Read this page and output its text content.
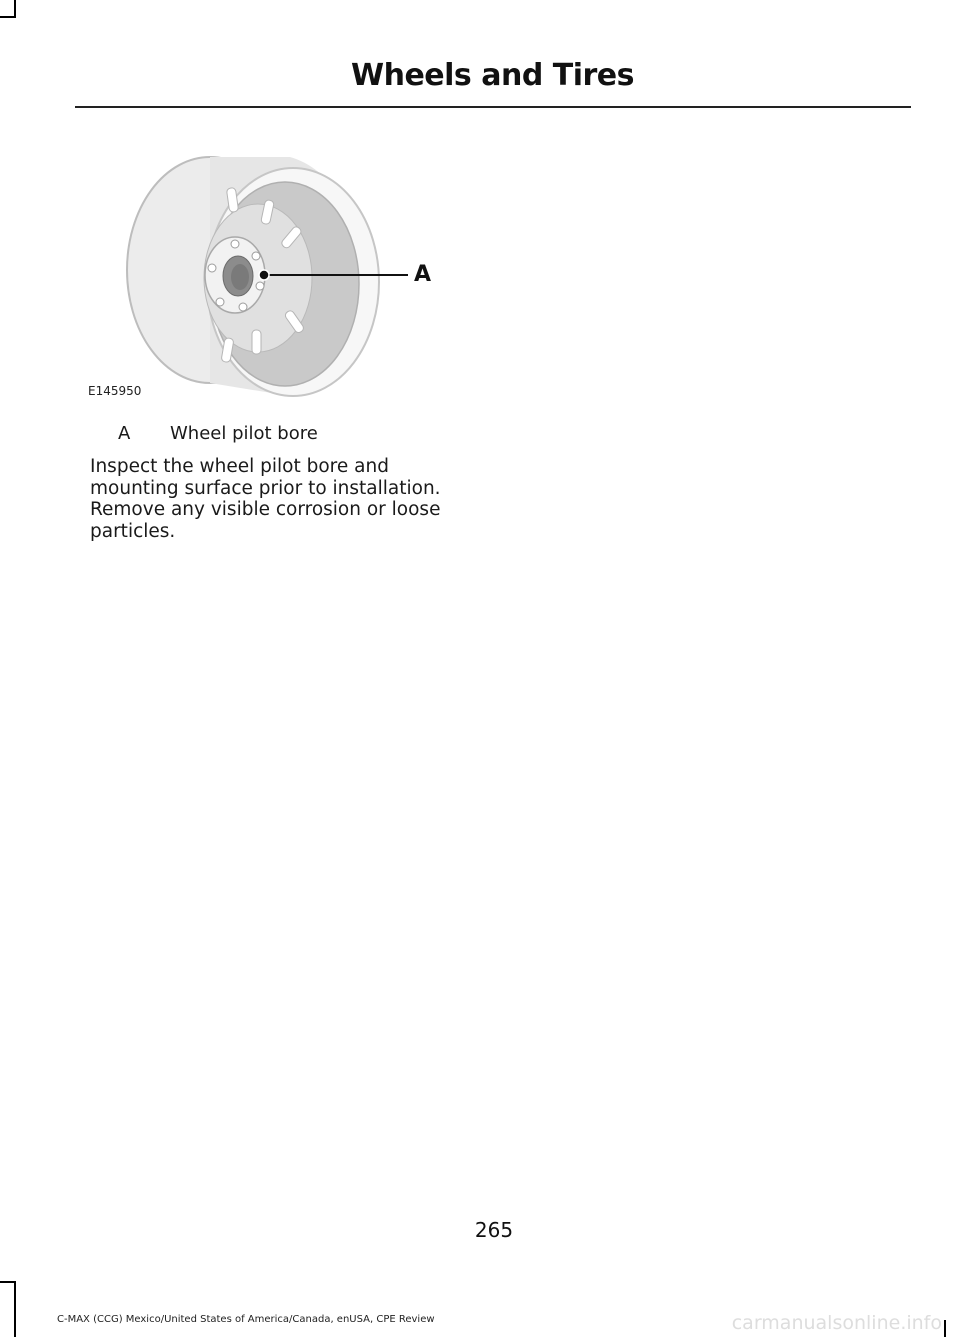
Wheels and Tires
A
E145950
A Wheel pilot bore
Inspect the wheel pilot bore and mounting surface prior to installation. Remove any visible corrosion or loose particles.
265
C-MAX (CCG) Mexico/United States of America/Canada, enUSA, CPE Review	carmanualsonline.info
